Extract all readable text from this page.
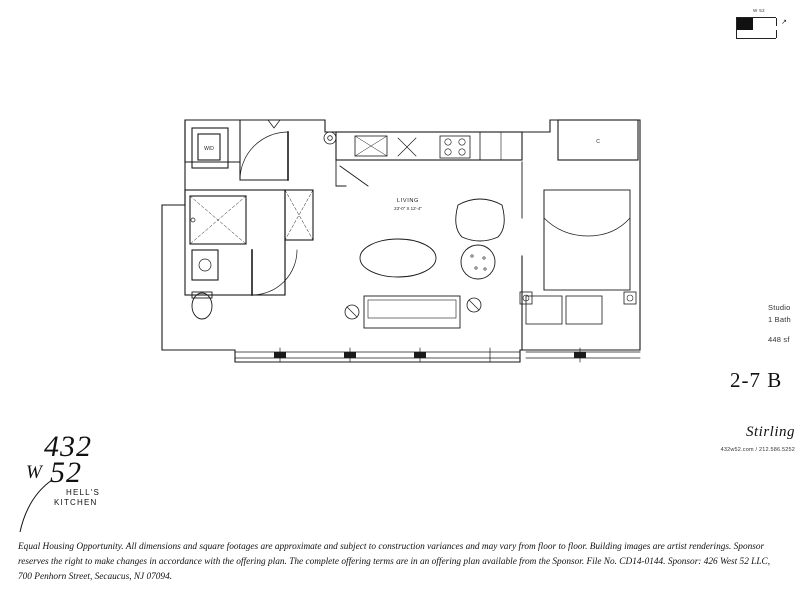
W 52
↗
W/D
C
LIVING
23'-0" X 12'-4"
Studio
1 Bath
448 sf
2-7 B
432
W 52
HELL'S
KITCHEN
Stirling
432w52.com / 212.586.5252
Equal Housing Opportunity. All dimensions and square footages are approximate and subject to construction variances and may vary from floor to floor. Building images are artist renderings. Sponsor reserves the right to make changes in accordance with the offering plan. The complete offering terms are in an offering plan available from the Sponsor. File No. CD14-0144. Sponsor: 426 West 52 LLC, 700 Penhorn Street, Secaucus, NJ 07094.
